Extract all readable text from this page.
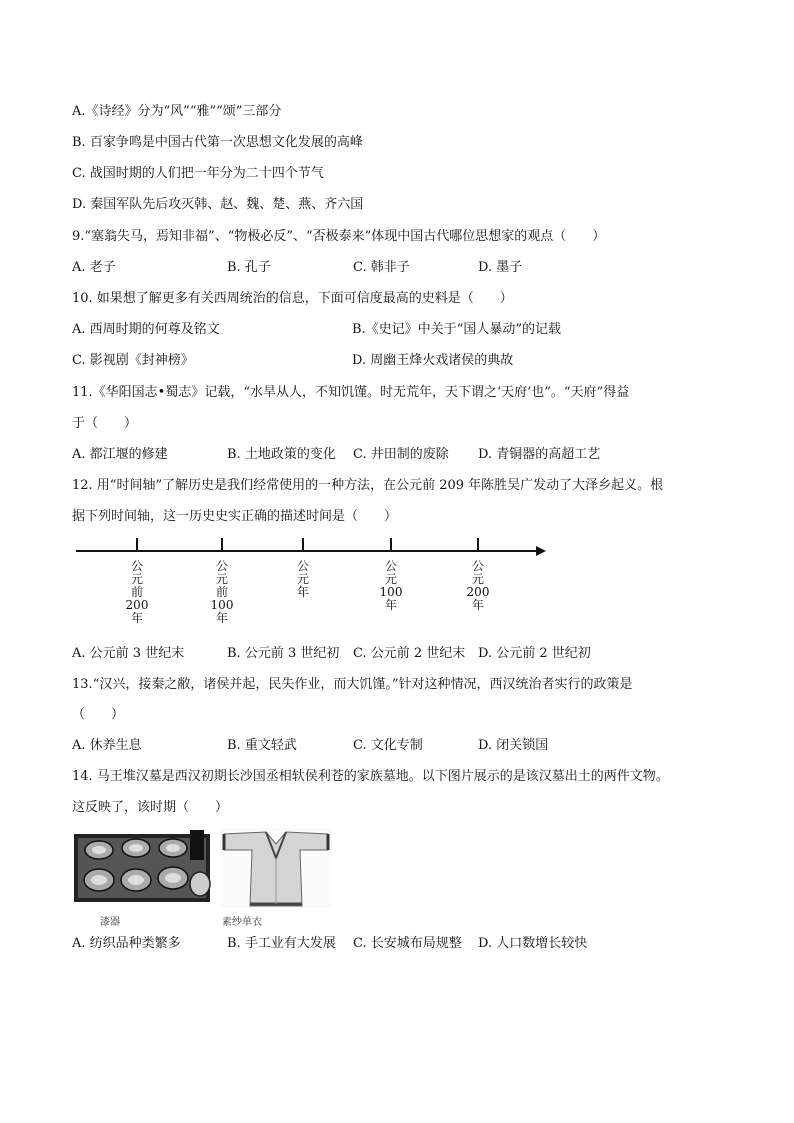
A.《诗经》分为“风”“雅”“颂”三部分
B. 百家争鸣是中国古代第一次思想文化发展的高峰
C. 战国时期的人们把一年分为二十四个节气
D. 秦国军队先后攻灭韩、赵、魏、楚、燕、齐六国
9.“塞翁失马，焉知非福”、“物极必反”、“否极泰来”体现中国古代哪位思想家的观点（　　）
A. 老子	B. 孔子	C. 韩非子	D. 墨子
10. 如果想了解更多有关西周统治的信息，下面可信度最高的史料是（　　）
A. 西周时期的何尊及铭文	B.《史记》中关于“国人暴动”的记载
C. 影视剧《封神榜》	D. 周幽王烽火戏诸侯的典故
11.《华阳国志•蜀志》记载，“水旱从人，不知饥馑。时无荒年，天下谓之‘天府’也”。“天府”得益
于（　　）
A. 都江堰的修建	B. 土地政策的变化 C. 井田制的废除 D. 青铜器的高超工艺
12. 用“时间轴”了解历史是我们经常使用的一种方法，在公元前 209 年陈胜吴广发动了大泽乡起义。根
据下列时间轴，这一历史史实正确的描述时间是（　　）
公
元
前
200
年
公
元
前
100
年
公
元
年
公
元
100
年
公
元
200
年
A. 公元前 3 世纪末	B. 公元前 3 世纪初 C. 公元前 2 世纪末 D. 公元前 2 世纪初
13.“汉兴，接秦之敝，诸侯并起，民失作业，而大饥馑。”针对这种情况，西汉统治者实行的政策是
（　　）
A. 休养生息	B. 重文轻武	C. 文化专制	D. 闭关锁国
14. 马王堆汉墓是西汉初期长沙国丞相轪侯利苍的家族墓地。以下图片展示的是该汉墓出土的两件文物。
这反映了，该时期（　　）
漆器	素纱单衣
A. 纺织品种类繁多	B. 手工业有大发展 C. 长安城布局规整 D. 人口数增长较快
